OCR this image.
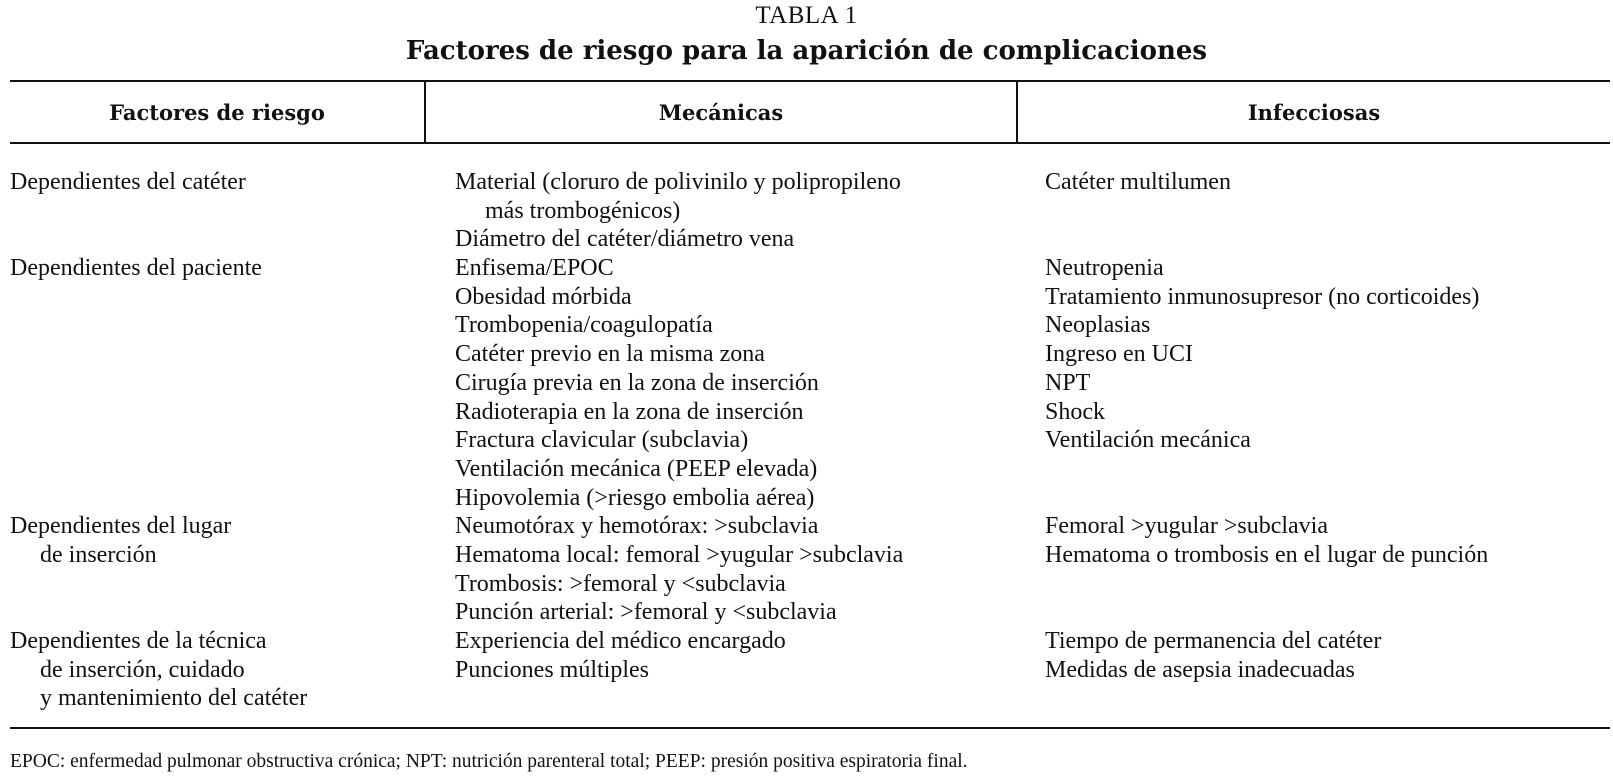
TABLA 1
Factores de riesgo para la aparición de complicaciones
Factores de riesgo	Mecánicas	Infecciosas
Dependientes del catéter
Dependientes del paciente
Dependientes del lugar
de inserción
Dependientes de la técnica
de inserción, cuidado
y mantenimiento del catéter
Material (cloruro de polivinilo y polipropileno
más trombogénicos)
Diámetro del catéter/diámetro vena
Enfisema/EPOC
Obesidad mórbida
Trombopenia/coagulopatía
Catéter previo en la misma zona
Cirugía previa en la zona de inserción
Radioterapia en la zona de inserción
Fractura clavicular (subclavia)
Ventilación mecánica (PEEP elevada)
Hipovolemia (>riesgo embolia aérea)
Neumotórax y hemotórax: >subclavia
Hematoma local: femoral >yugular >subclavia
Trombosis: >femoral y <subclavia
Punción arterial: >femoral y <subclavia
Experiencia del médico encargado
Punciones múltiples
Catéter multilumen
Neutropenia
Tratamiento inmunosupresor (no corticoides)
Neoplasias
Ingreso en UCI
NPT
Shock
Ventilación mecánica
Femoral >yugular >subclavia
Hematoma o trombosis en el lugar de punción
Tiempo de permanencia del catéter
Medidas de asepsia inadecuadas
EPOC: enfermedad pulmonar obstructiva crónica; NPT: nutrición parenteral total; PEEP: presión positiva espiratoria final.
